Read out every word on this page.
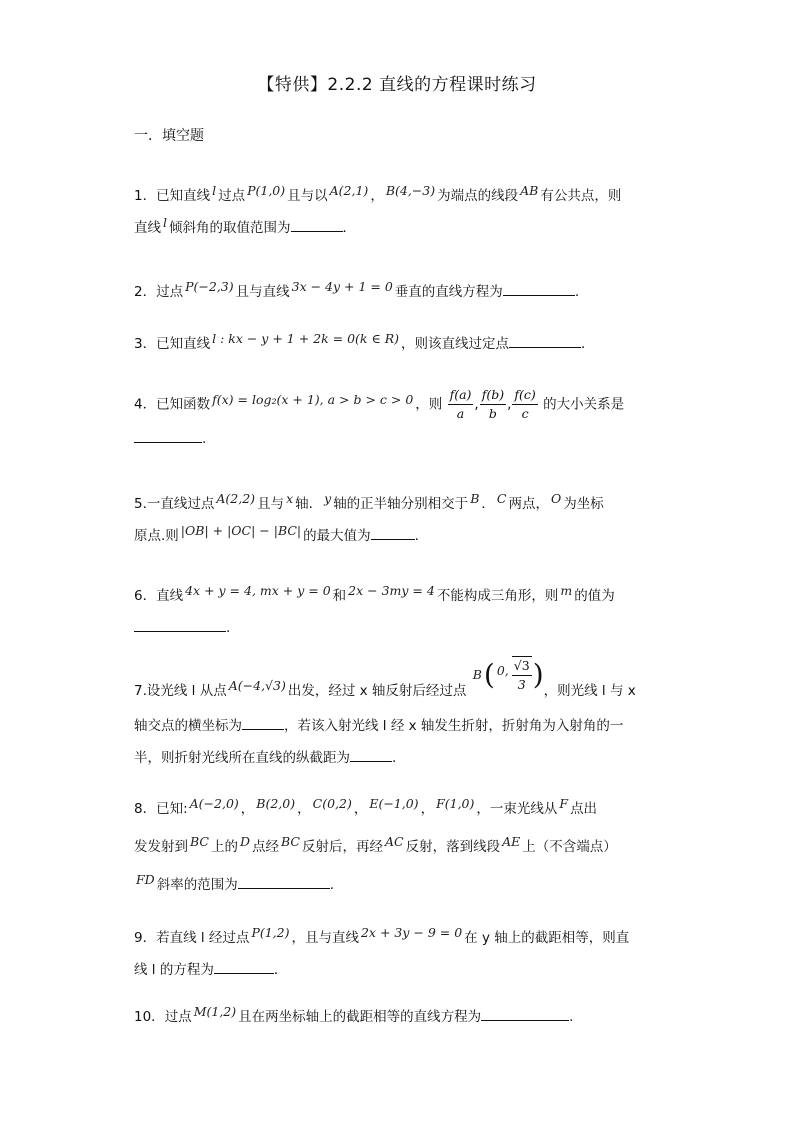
【特供】2.2.2 直线的方程课时练习
一．填空题
1．已知直线 l 过点 P(1,0) 且与以 A(2,1) ， B(4,−3) 为端点的线段 AB 有公共点，则
直线 l 倾斜角的取值范围为	．
2．过点 P(−2,3) 且与直线 3x − 4y + 1 = 0 垂直的直线方程为	.
3．已知直线 l : kx − y + 1 + 2k = 0(k ∈ R) ，则该直线过定点	．
4．已知函数 f(x) = log₂(x + 1), a > b > c > 0 ，则 $\frac{f(a)}{a}$ , $\frac{f(b)}{b}$ , $\frac{f(c)}{c}$ 的大小关系是
.
5.一直线过点 A(2,2) 且与 x 轴． y 轴的正半轴分别相交于 B ． C 两点， O 为坐标
原点.则 |OB| + |OC| − |BC| 的最大值为	.
6．直线 4x + y = 4, mx + y = 0 和 2x − 3my = 4 不能构成三角形，则 m 的值为
.
7.设光线 l 从点 A(−4,√3) 出发，经过 x 轴反射后经过点 B( 0, $\frac{√3}{3}$ )，则光线 l 与 x
轴交点的横坐标为	，若该入射光线 l 经 x 轴发生折射，折射角为入射角的一
半，则折射光线所在直线的纵截距为	.
8．已知: A(−2,0) ， B(2,0) ， C(0,2) ， E(−1,0) ， F(1,0) ，一束光线从 F 点出
发发射到 BC 上的 D 点经 BC 反射后，再经 AC 反射，落到线段 AE 上（不含端点）
FD 斜率的范围为	.
9．若直线 l 经过点 P(1,2) ，且与直线 2x + 3y − 9 = 0 在 y 轴上的截距相等，则直
线 l 的方程为	．
10．过点 M(1,2) 且在两坐标轴上的截距相等的直线方程为	.
